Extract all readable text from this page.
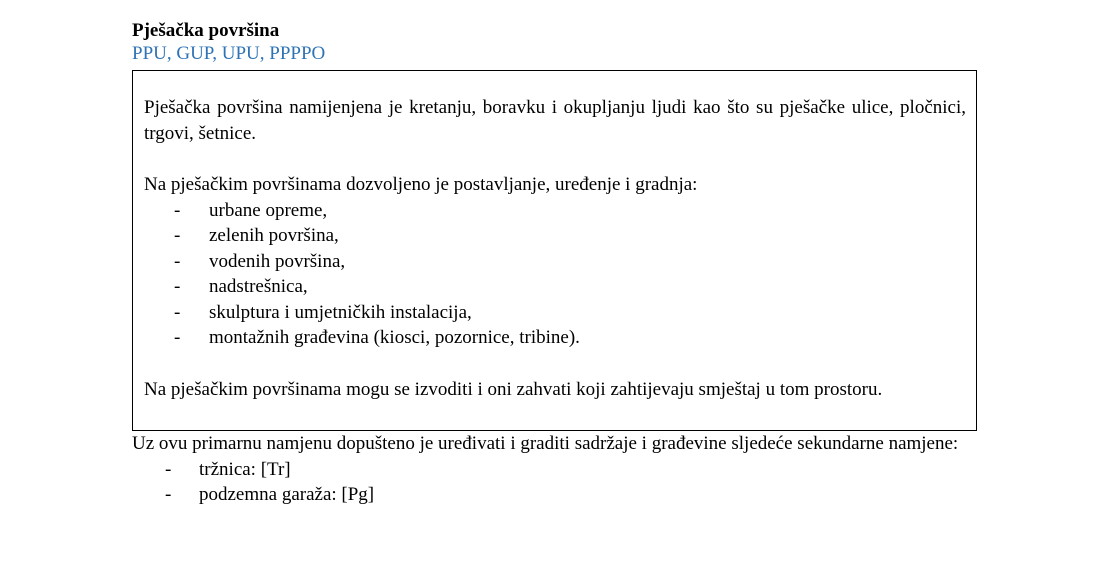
Pješačka površina
PPU, GUP, UPU, PPPPO

Pješačka površina namijenjena je kretanju, boravku i okupljanju ljudi kao što su pješačke ulice, pločnici, trgovi, šetnice.

Na pješačkim površinama dozvoljeno je postavljanje, uređenje i gradnja:

- urbane opreme,
- zelenih površina,
- vodenih površina,
- nadstrešnica,
- skulptura i umjetničkih instalacija,
- montažnih građevina (kiosci, pozornice, tribine).

Na pješačkim površinama mogu se izvoditi i oni zahvati koji zahtijevaju smještaj u tom prostoru.

Uz ovu primarnu namjenu dopušteno je uređivati i graditi sadržaje i građevine sljedeće sekundarne namjene:

- tržnica: [Tr]
- podzemna garaža: [Pg]
